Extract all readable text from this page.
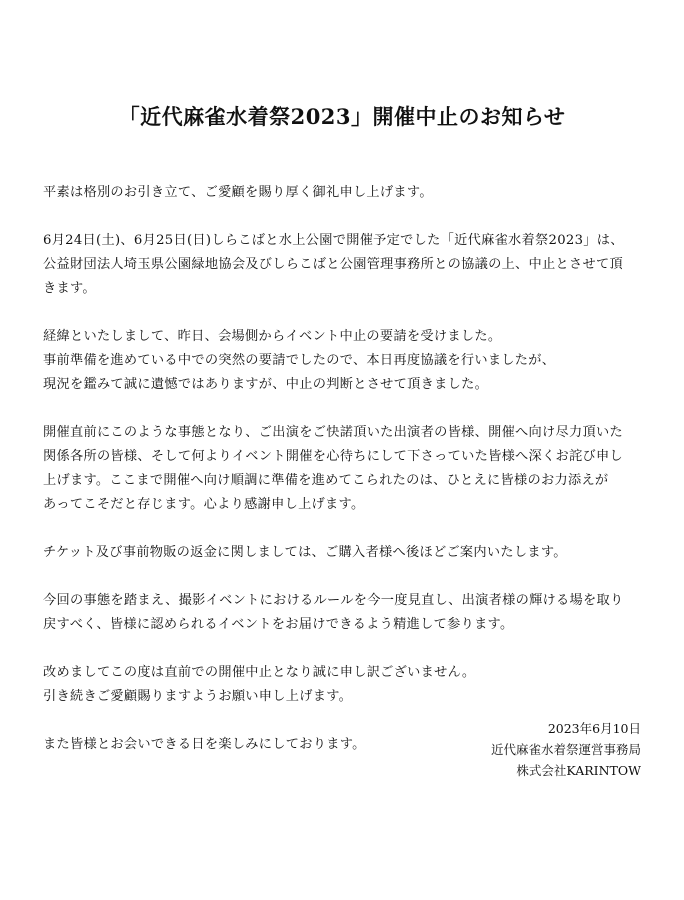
「近代麻雀水着祭2023」開催中止のお知らせ

平素は格別のお引き立て、ご愛顧を賜り厚く御礼申し上げます。

6月24日(土)、6月25日(日)しらこばと水上公園で開催予定でした「近代麻雀水着祭2023」は、
公益財団法人埼玉県公園緑地協会及びしらこばと公園管理事務所との協議の上、中止とさせて頂
きます。

経緯といたしまして、昨日、会場側からイベント中止の要請を受けました。
事前準備を進めている中での突然の要請でしたので、本日再度協議を行いましたが、
現況を鑑みて誠に遺憾ではありますが、中止の判断とさせて頂きました。

開催直前にこのような事態となり、ご出演をご快諾頂いた出演者の皆様、開催へ向け尽力頂いた
関係各所の皆様、そして何よりイベント開催を心待ちにして下さっていた皆様へ深くお詫び申し
上げます。ここまで開催へ向け順調に準備を進めてこられたのは、ひとえに皆様のお力添えが
あってこそだと存じます。心より感謝申し上げます。

チケット及び事前物販の返金に関しましては、ご購入者様へ後ほどご案内いたします。

今回の事態を踏まえ、撮影イベントにおけるルールを今一度見直し、出演者様の輝ける場を取り
戻すべく、皆様に認められるイベントをお届けできるよう精進して参ります。

改めましてこの度は直前での開催中止となり誠に申し訳ございません。
引き続きご愛顧賜りますようお願い申し上げます。

また皆様とお会いできる日を楽しみにしております。

2023年6月10日
近代麻雀水着祭運営事務局
株式会社KARINTOW
